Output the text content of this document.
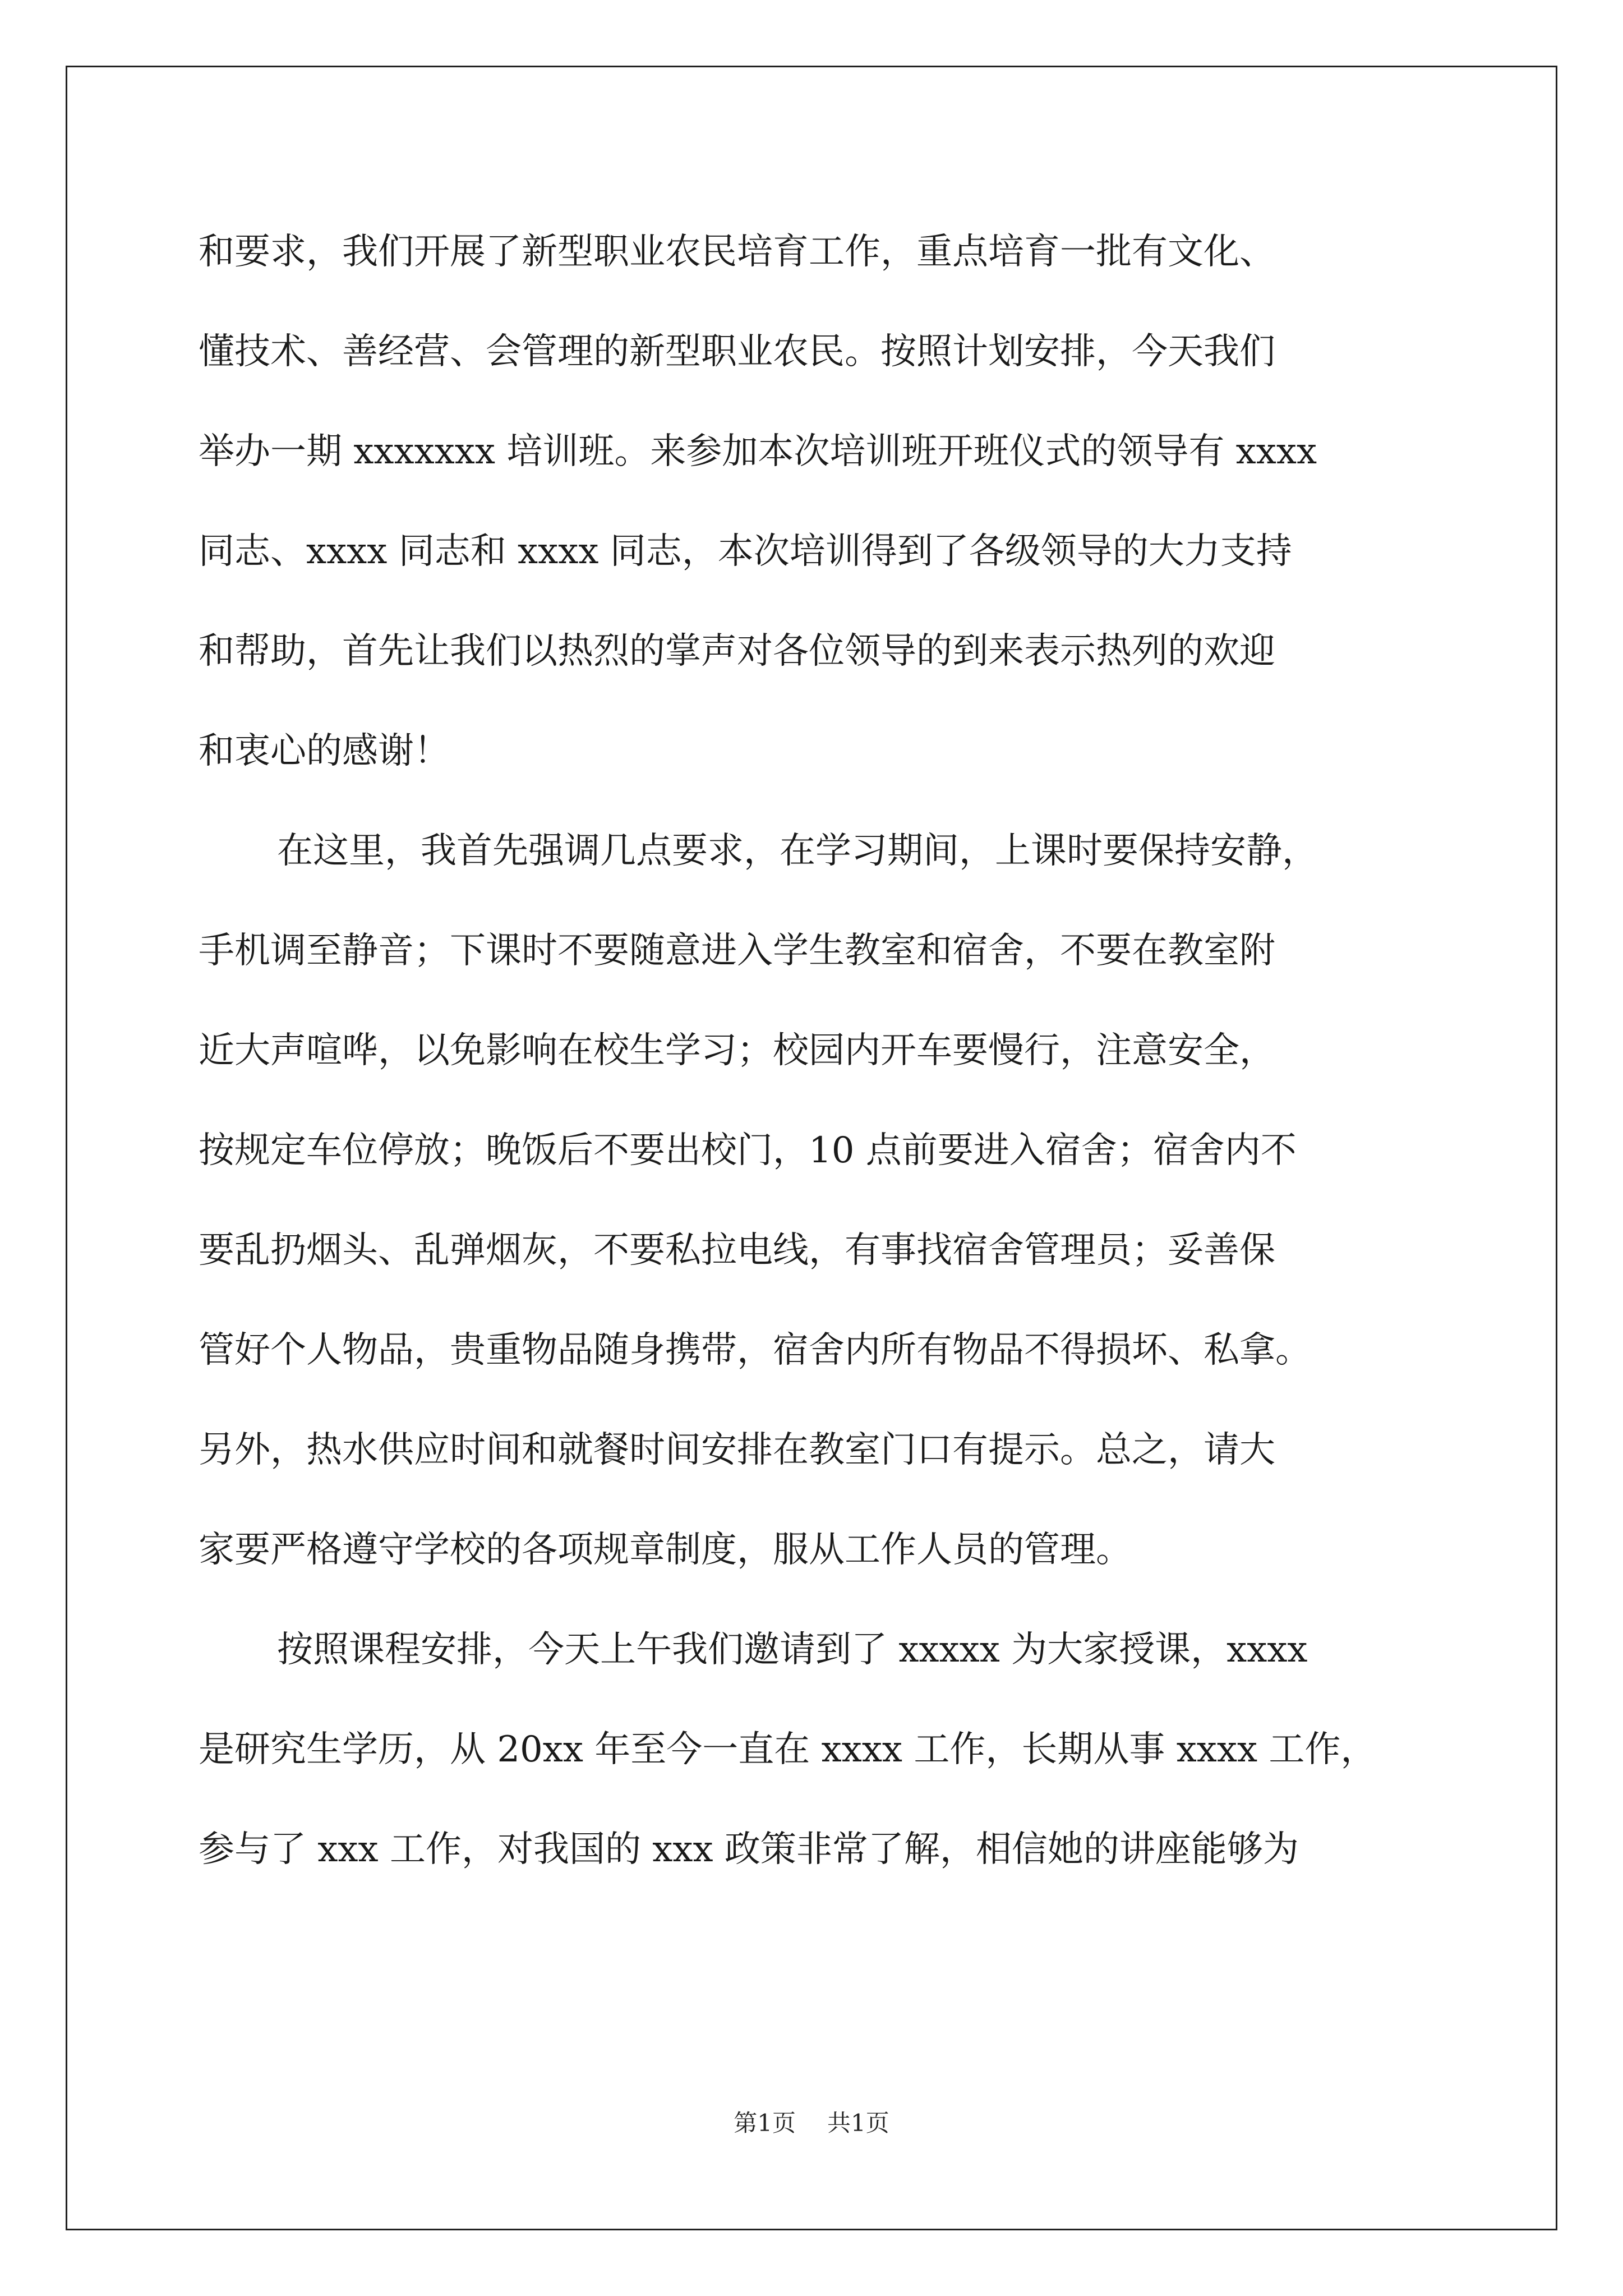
和要求，我们开展了新型职业农民培育工作，重点培育一批有文化、
懂技术、善经营、会管理的新型职业农民。按照计划安排，今天我们
举办一期 xxxxxxx 培训班。来参加本次培训班开班仪式的领导有 xxxx
同志、xxxx 同志和 xxxx 同志，本次培训得到了各级领导的大力支持
和帮助，首先让我们以热烈的掌声对各位领导的到来表示热列的欢迎
和衷心的感谢！

在这里，我首先强调几点要求，在学习期间，上课时要保持安静，
手机调至静音；下课时不要随意进入学生教室和宿舍，不要在教室附
近大声喧哗，以免影响在校生学习；校园内开车要慢行，注意安全，
按规定车位停放；晚饭后不要出校门，10 点前要进入宿舍；宿舍内不
要乱扔烟头、乱弹烟灰，不要私拉电线，有事找宿舍管理员；妥善保
管好个人物品，贵重物品随身携带，宿舍内所有物品不得损坏、私拿。
另外，热水供应时间和就餐时间安排在教室门口有提示。总之，请大
家要严格遵守学校的各项规章制度，服从工作人员的管理。

按照课程安排，今天上午我们邀请到了 xxxxx 为大家授课，xxxx
是研究生学历，从 20xx 年至今一直在 xxxx 工作，长期从事 xxxx 工作，
参与了 xxx 工作，对我国的 xxx 政策非常了解，相信她的讲座能够为

第1页 共1页
